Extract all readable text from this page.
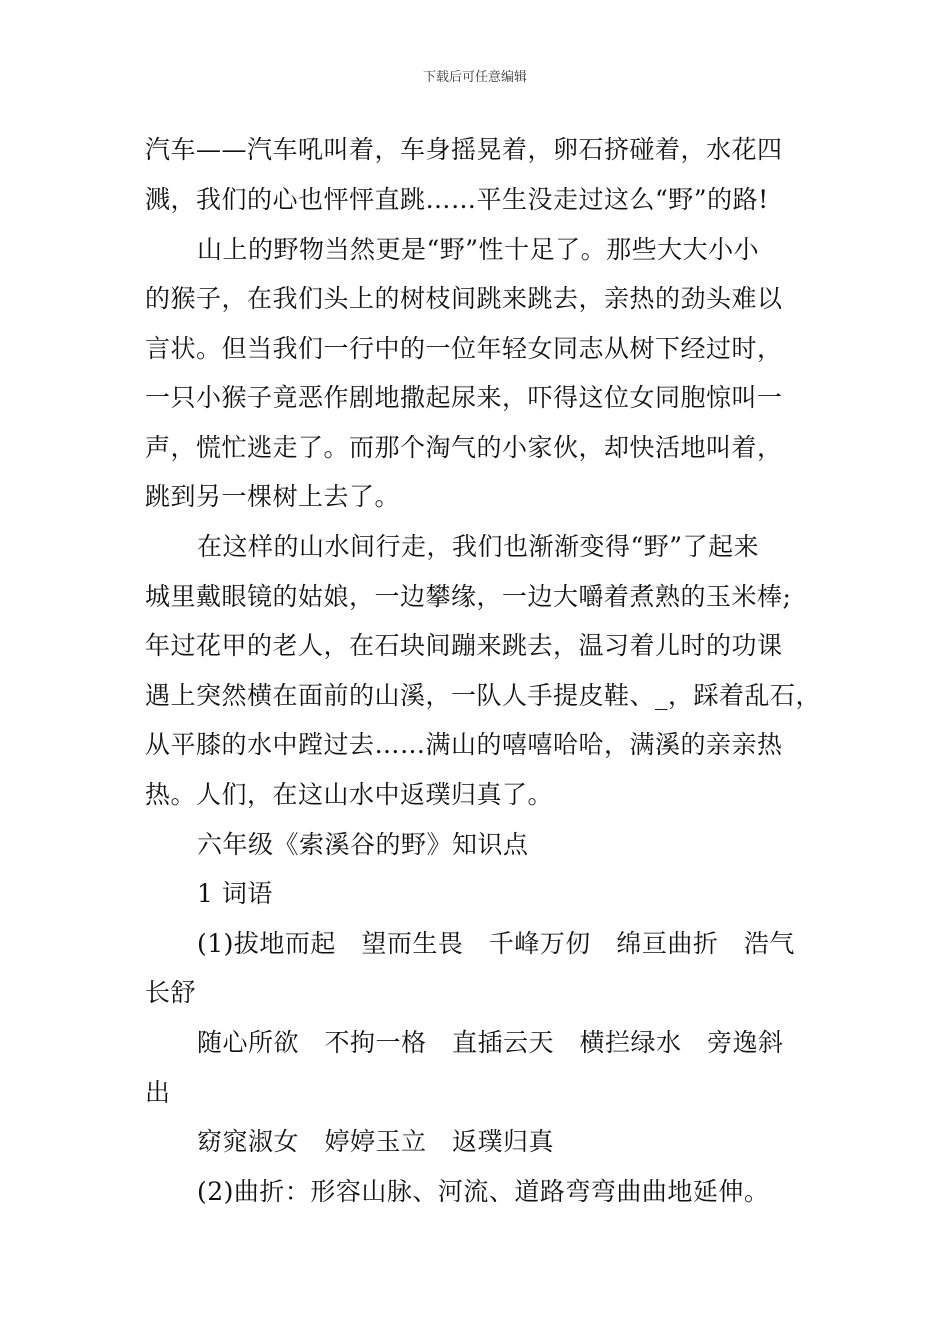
下载后可任意编辑
汽车——汽车吼叫着，车身摇晃着，卵石挤碰着，水花四
溅，我们的心也怦怦直跳……平生没走过这么“野”的路!
山上的野物当然更是“野”性十足了。那些大大小小
的猴子，在我们头上的树枝间跳来跳去，亲热的劲头难以
言状。但当我们一行中的一位年轻女同志从树下经过时，
一只小猴子竟恶作剧地撒起尿来，吓得这位女同胞惊叫一
声，慌忙逃走了。而那个淘气的小家伙，却快活地叫着，
跳到另一棵树上去了。
在这样的山水间行走，我们也渐渐变得“野”了起来
城里戴眼镜的姑娘，一边攀缘，一边大嚼着煮熟的玉米棒;
年过花甲的老人，在石块间蹦来跳去，温习着儿时的功课
遇上突然横在面前的山溪，一队人手提皮鞋、_，踩着乱石，
从平膝的水中蹚过去……满山的嘻嘻哈哈，满溪的亲亲热
热。人们，在这山水中返璞归真了。
六年级《索溪谷的野》知识点
1 词语
(1)拔地而起　望而生畏　千峰万仞　绵亘曲折　浩气
长舒
随心所欲　不拘一格　直插云天　横拦绿水　旁逸斜
出
窈窕淑女　婷婷玉立　返璞归真
(2)曲折：形容山脉、河流、道路弯弯曲曲地延伸。
